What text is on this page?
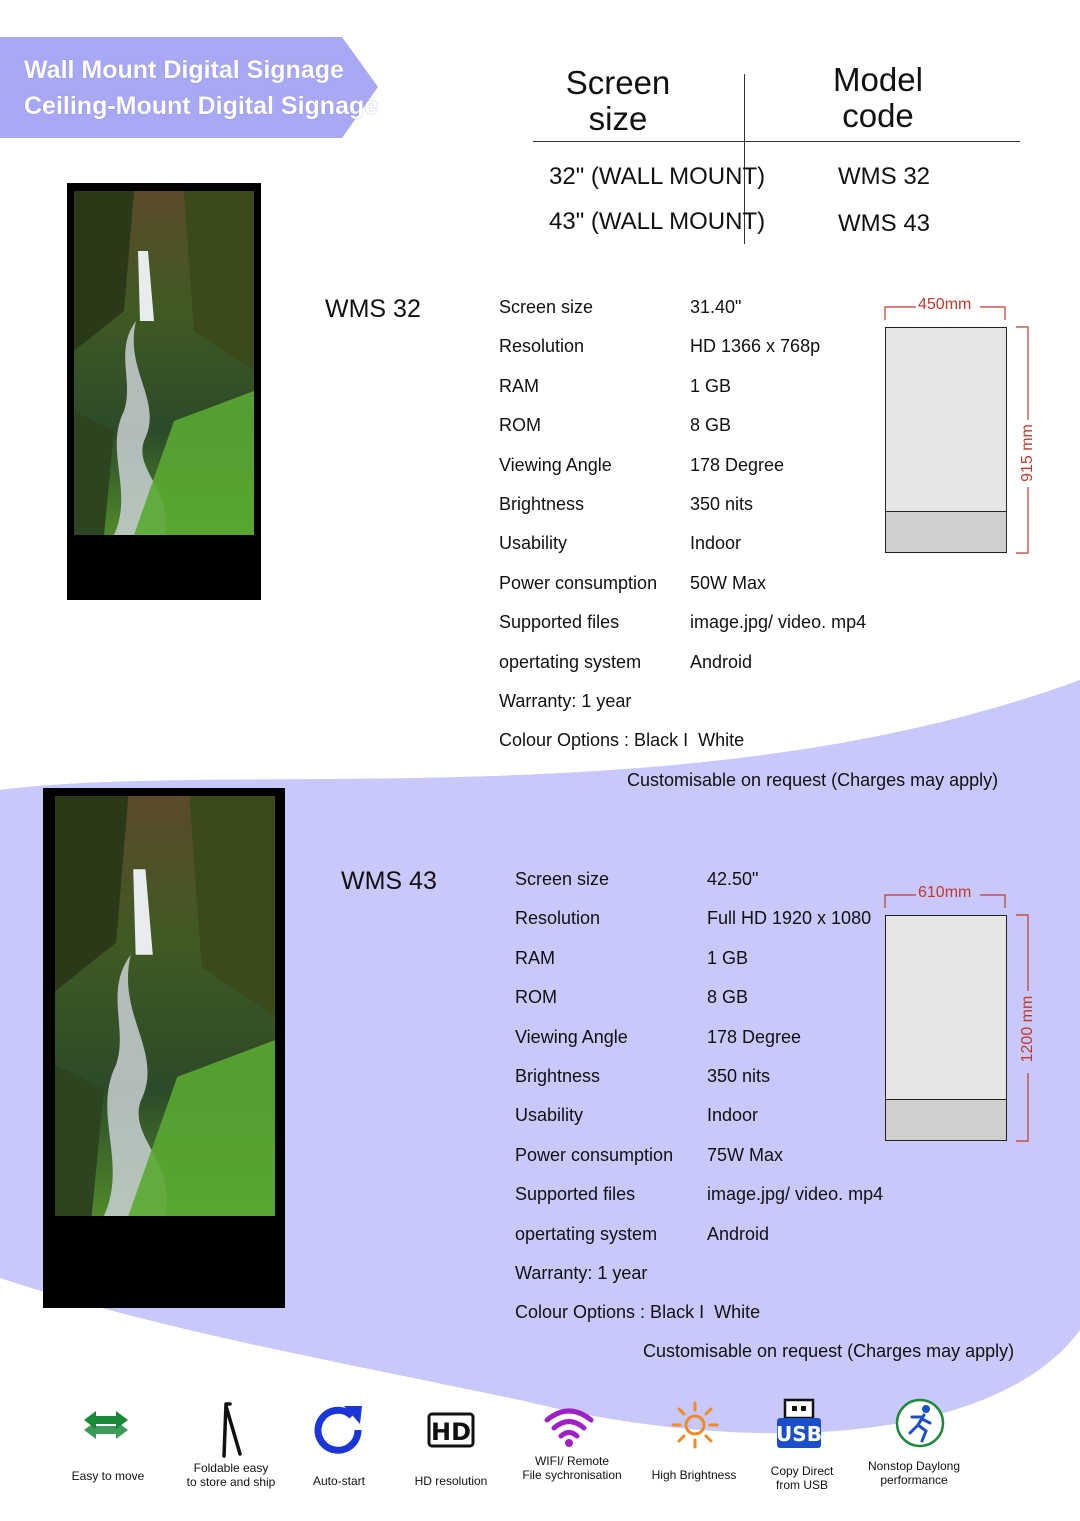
Wall Mount Digital Signage
Ceiling-Mount Digital Signage
Screen
size
Model
code
32" (WALL MOUNT)	WMS 32
43" (WALL MOUNT)	WMS 43
WMS 32	Screen size	31.40"
Resolution	HD 1366 x 768p
RAM	1 GB
ROM	8 GB
Viewing Angle	178 Degree
Brightness	350 nits
Usability	Indoor
Power consumption 50W Max
Supported files	image.jpg/ video. mp4
opertating system	Android
Warranty: 1 year
Colour Options : Black I  White
Customisable on request (Charges may apply)
450mm
915 mm
WMS 43	Screen size	42.50"
Resolution	Full HD 1920 x 1080
RAM	1 GB
ROM	8 GB
Viewing Angle	178 Degree
Brightness	350 nits
Usability	Indoor
Power consumption 75W Max
Supported files	image.jpg/ video. mp4
opertating system	Android
Warranty: 1 year
Colour Options : Black I  White
Customisable on request (Charges may apply)
610mm
1200 mm
HD	USB
Easy to move
Foldable easy
to store and ship	Auto-start	HD resolution
WIFI/ Remote
File sychronisation	High Brightness	Copy Direct
from USB
Nonstop Daylong
performance
